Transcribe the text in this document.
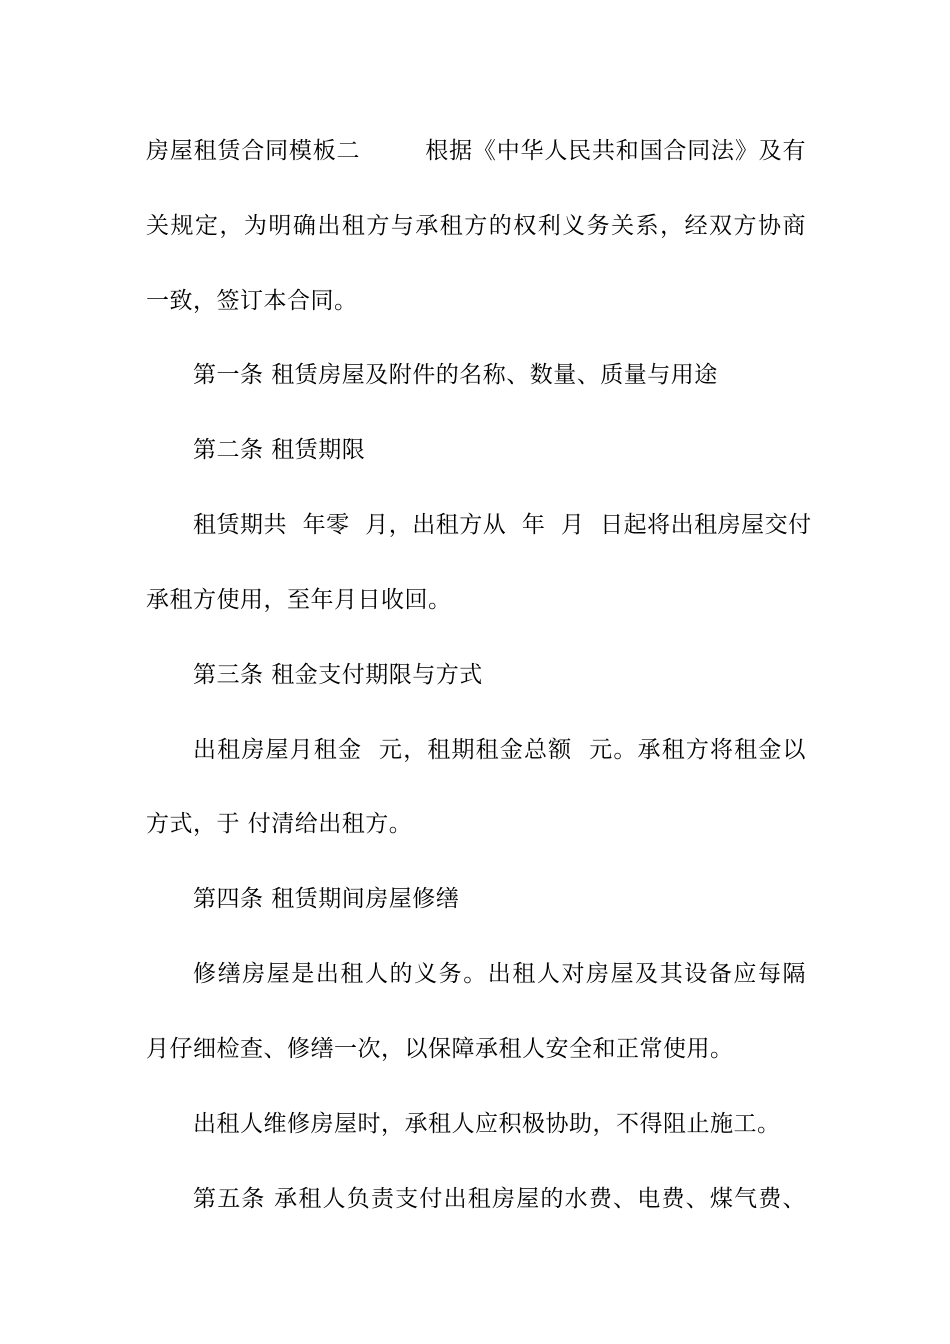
房屋租赁合同模板二        根据《中华人民共和国合同法》及有
关规定，为明确出租方与承租方的权利义务关系，经双方协商
一致，签订本合同。
第一条 租赁房屋及附件的名称、数量、质量与用途
第二条 租赁期限
租赁期共  年零  月，出租方从  年  月  日起将出租房屋交付
承租方使用，至年月日收回。
第三条 租金支付期限与方式
出租房屋月租金  元，租期租金总额  元。承租方将租金以
方式，于 付清给出租方。
第四条 租赁期间房屋修缮
修缮房屋是出租人的义务。出租人对房屋及其设备应每隔
月仔细检查、修缮一次，以保障承租人安全和正常使用。
出租人维修房屋时，承租人应积极协助，不得阻止施工。
第五条 承租人负责支付出租房屋的水费、电费、煤气费、
